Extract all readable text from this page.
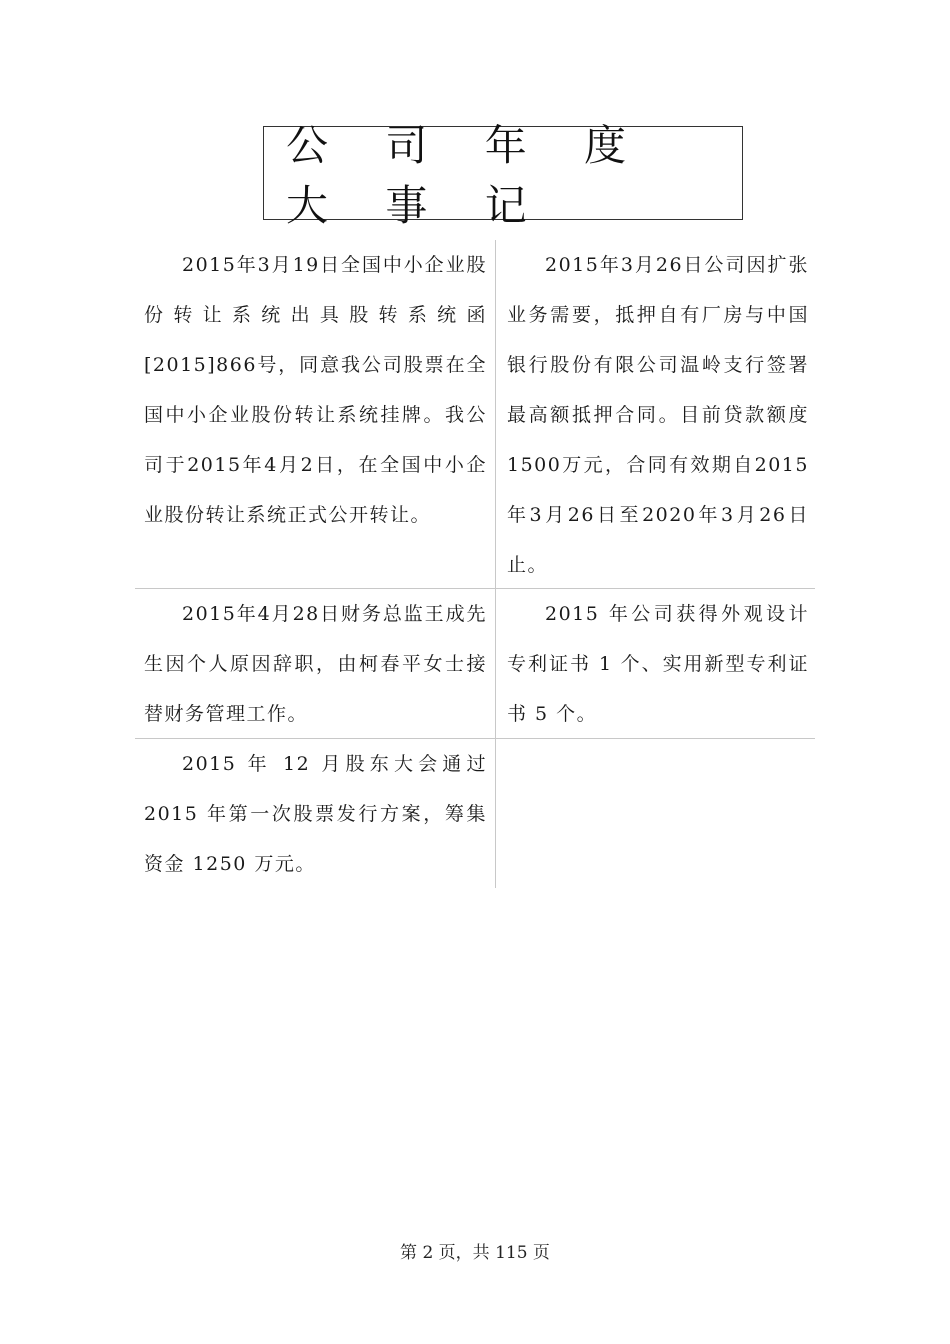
公 司 年 度 大 事 记
2015年3月19日全国中小企业股份转让系统出具股转系统函[2015]866号，同意我公司股票在全国中小企业股份转让系统挂牌。我公司于2015年4月2日，在全国中小企业股份转让系统正式公开转让。
2015年3月26日公司因扩张业务需要，抵押自有厂房与中国银行股份有限公司温岭支行签署最高额抵押合同。目前贷款额度1500万元，合同有效期自2015年3月26日至2020年3月26日止。
2015年4月28日财务总监王成先生因个人原因辞职，由柯春平女士接替财务管理工作。
2015 年公司获得外观设计专利证书 1 个、实用新型专利证书 5 个。
2015 年 12 月股东大会通过 2015 年第一次股票发行方案，筹集资金 1250 万元。
第 2 页，共 115 页
